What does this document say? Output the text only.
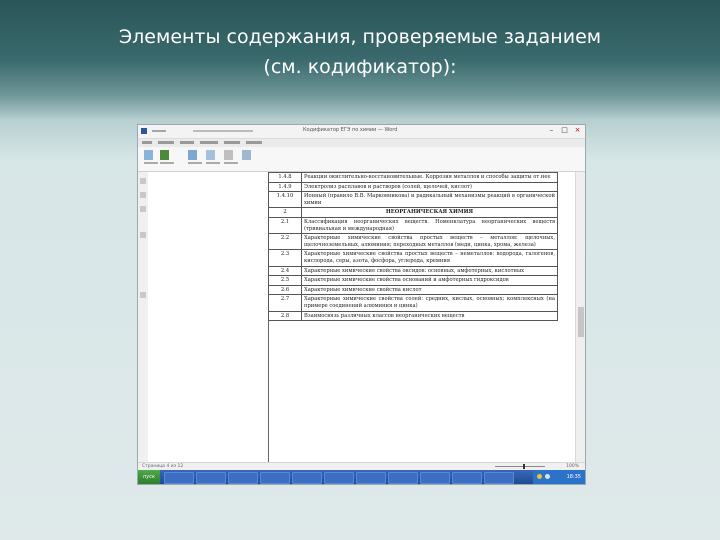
Элементы содержания, проверяемые заданием
(см. кодификатор):
Кодификатор ЕГЭ по химии — Word	–	□ ×
1.4.8	Реакции окислительно-восстановительные. Коррозия металлов и способы защиты от нее
1.4.9	Электролиз расплавов и растворов (солей, щелочей, кислот)
1.4.10	Ионный (правило В.В. Марковникова) и радикальный механизмы реакций в органической химии
2	НЕОРГАНИЧЕСКАЯ ХИМИЯ
2.1	Классификация неорганических веществ. Номенклатура неорганических веществ (тривиальная и международная)
2.2	Характерные химические свойства простых веществ – металлов: щелочных, щелочноземельных, алюминия; переходных металлов (меди, цинка, хрома, железа)
2.3	Характерные химические свойства простых веществ – неметаллов: водорода, галогенов, кислорода, серы, азота, фосфора, углерода, кремния
2.4	Характерные химические свойства оксидов: основных, амфотерных, кислотных
2.5	Характерные химические свойства оснований и амфотерных гидроксидов
2.6	Характерные химические свойства кислот
2.7	Характерные химические свойства солей: средних, кислых, основных; комплексных (на примере соединений алюминия и цинка)
2.8	Взаимосвязь различных классов неорганических веществ
Страница 4 из 12	100%
пуск	18:35
